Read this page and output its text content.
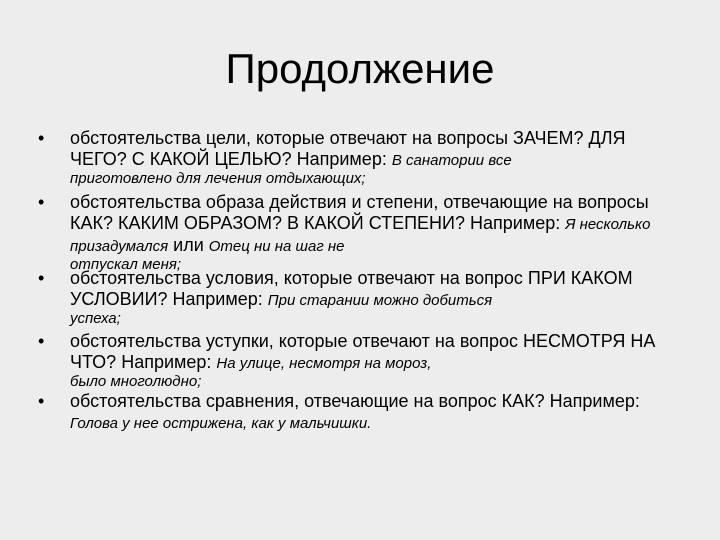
Продолжение
• обстоятельства цели, которые отвечают на вопросы ЗАЧЕМ? ДЛЯ ЧЕГО? С КАКОЙ ЦЕЛЬЮ? Например: В санатории все
приготовлено для лечения отдыхающих;
• обстоятельства образа действия и степени, отвечающие на вопросы КАК? КАКИМ ОБРАЗОМ? В КАКОЙ СТЕПЕНИ? Например: Я несколько призадумался или Отец ни на шаг не
отпускал меня;
• обстоятельства условия, которые отвечают на вопрос ПРИ КАКОМ УСЛОВИИ? Например: При старании можно добиться
успеха;
• обстоятельства уступки, которые отвечают на вопрос НЕСМОТРЯ НА ЧТО? Например: На улице, несмотря на мороз,
было многолюдно;
• обстоятельства сравнения, отвечающие на вопрос КАК? Например: Голова у нее острижена, как у мальчишки.
